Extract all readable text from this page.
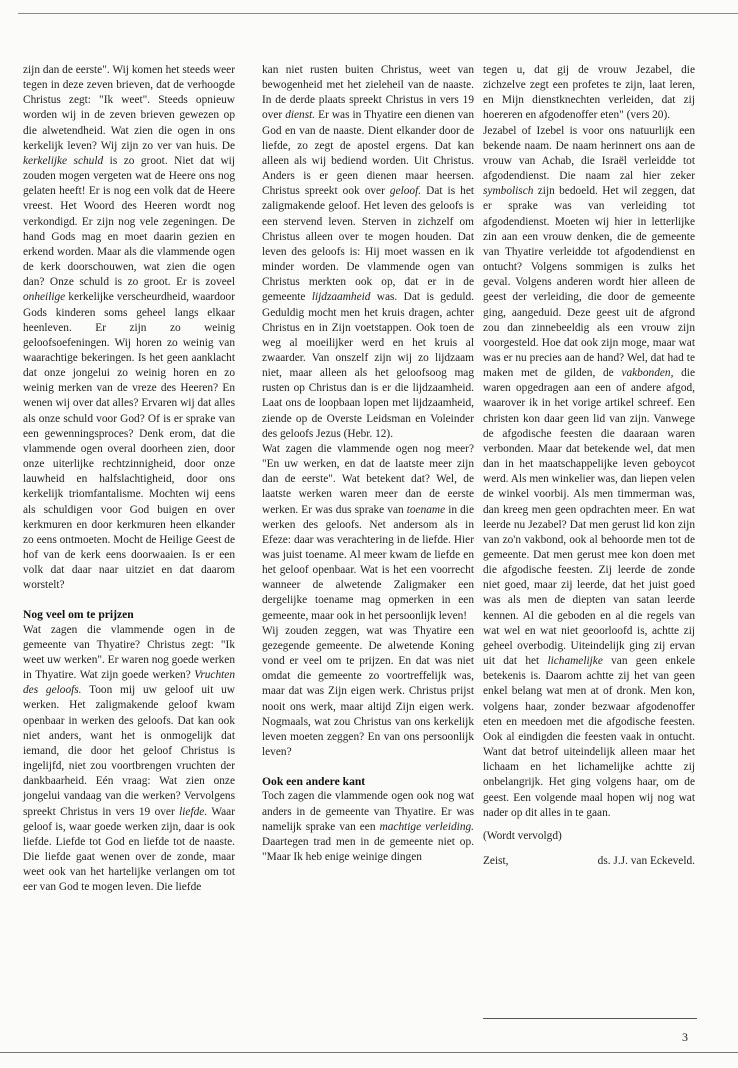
zijn dan de eerste". Wij komen het steeds weer tegen in deze zeven brieven, dat de verhoogde Christus zegt: "Ik weet". Steeds opnieuw worden wij in de zeven brieven gewezen op die alwetendheid. Wat zien die ogen in ons kerkelijk leven? Wij zijn zo ver van huis. De kerkelijke schuld is zo groot. Niet dat wij zouden mogen vergeten wat de Heere ons nog gelaten heeft! Er is nog een volk dat de Heere vreest. Het Woord des Heeren wordt nog verkondigd. Er zijn nog vele zegeningen. De hand Gods mag en moet daarin gezien en erkend worden. Maar als die vlammende ogen de kerk doorschouwen, wat zien die ogen dan? Onze schuld is zo groot. Er is zoveel onheilige kerkelijke verscheurdheid, waardoor Gods kinderen soms geheel langs elkaar heenleven. Er zijn zo weinig geloofsoefeningen. Wij horen zo weinig van waarachtige bekeringen. Is het geen aanklacht dat onze jongelui zo weinig horen en zo weinig merken van de vreze des Heeren? En wenen wij over dat alles? Ervaren wij dat alles als onze schuld voor God? Of is er sprake van een gewenningsproces? Denk erom, dat die vlammende ogen overal doorheen zien, door onze uiterlijke rechtzinnigheid, door onze lauwheid en halfslachtigheid, door ons kerkelijk triomfantalisme. Mochten wij eens als schuldigen voor God buigen en over kerkmuren en door kerkmuren heen elkander zo eens ontmoeten. Mocht de Heilige Geest de hof van de kerk eens doorwaaien. Is er een volk dat daar naar uitziet en dat daarom worstelt?

Nog veel om te prijzen

Wat zagen die vlammende ogen in de gemeente van Thyatire? Christus zegt: "Ik weet uw werken". Er waren nog goede werken in Thyatire. Wat zijn goede werken? Vruchten des geloofs. Toon mij uw geloof uit uw werken. Het zaligmakende geloof kwam openbaar in werken des geloofs. Dat kan ook niet anders, want het is onmogelijk dat iemand, die door het geloof Christus is ingelijfd, niet zou voortbrengen vruchten der dankbaarheid. Eén vraag: Wat zien onze jongelui vandaag van die werken? Vervolgens spreekt Christus in vers 19 over liefde. Waar geloof is, waar goede werken zijn, daar is ook liefde. Liefde tot God en liefde tot de naaste. Die liefde gaat wenen over de zonde, maar weet ook van het hartelijke verlangen om tot eer van God te mogen leven. Die liefde

kan niet rusten buiten Christus, weet van bewogenheid met het zieleheil van de naaste. In de derde plaats spreekt Christus in vers 19 over dienst. Er was in Thyatire een dienen van God en van de naaste. Dient elkander door de liefde, zo zegt de apostel ergens. Dat kan alleen als wij bediend worden. Uit Christus. Anders is er geen dienen maar heersen. Christus spreekt ook over geloof. Dat is het zaligmakende geloof. Het leven des geloofs is een stervend leven. Sterven in zichzelf om Christus alleen over te mogen houden. Dat leven des geloofs is: Hij moet wassen en ik minder worden. De vlammende ogen van Christus merkten ook op, dat er in de gemeente lijdzaamheid was. Dat is geduld. Geduldig mocht men het kruis dragen, achter Christus en in Zijn voetstappen. Ook toen de weg al moeilijker werd en het kruis al zwaarder. Van onszelf zijn wij zo lijdzaam niet, maar alleen als het geloofsoog mag rusten op Christus dan is er die lijdzaamheid. Laat ons de loopbaan lopen met lijdzaamheid, ziende op de Overste Leidsman en Voleinder des geloofs Jezus (Hebr. 12).

Wat zagen die vlammende ogen nog meer? "En uw werken, en dat de laatste meer zijn dan de eerste". Wat betekent dat? Wel, de laatste werken waren meer dan de eerste werken. Er was dus sprake van toename in die werken des geloofs. Net andersom als in Efeze: daar was verachtering in de liefde. Hier was juist toename. Al meer kwam de liefde en het geloof openbaar. Wat is het een voorrecht wanneer de alwetende Zaligmaker een dergelijke toename mag opmerken in een gemeente, maar ook in het persoonlijk leven!

Wij zouden zeggen, wat was Thyatire een gezegende gemeente. De alwetende Koning vond er veel om te prijzen. En dat was niet omdat die gemeente zo voortreffelijk was, maar dat was Zijn eigen werk. Christus prijst nooit ons werk, maar altijd Zijn eigen werk. Nogmaals, wat zou Christus van ons kerkelijk leven moeten zeggen? En van ons persoonlijk leven?

Ook een andere kant

Toch zagen die vlammende ogen ook nog wat anders in de gemeente van Thyatire. Er was namelijk sprake van een machtige verleiding. Daartegen trad men in de gemeente niet op. "Maar Ik heb enige weinige dingen

tegen u, dat gij de vrouw Jezabel, die zichzelve zegt een profetes te zijn, laat leren, en Mijn dienstknechten verleiden, dat zij hoereren en afgodenoffer eten" (vers 20).

Jezabel of Izebel is voor ons natuurlijk een bekende naam. De naam herinnert ons aan de vrouw van Achab, die Israël verleidde tot afgodendienst. Die naam zal hier zeker symbolisch zijn bedoeld. Het wil zeggen, dat er sprake was van verleiding tot afgodendienst. Moeten wij hier in letterlijke zin aan een vrouw denken, die de gemeente van Thyatire verleidde tot afgodendienst en ontucht? Volgens sommigen is zulks het geval. Volgens anderen wordt hier alleen de geest der verleiding, die door de gemeente ging, aangeduid. Deze geest uit de afgrond zou dan zinnebeeldig als een vrouw zijn voorgesteld. Hoe dat ook zijn moge, maar wat was er nu precies aan de hand? Wel, dat had te maken met de gilden, de vakbonden, die waren opgedragen aan een of andere afgod, waarover ik in het vorige artikel schreef. Een christen kon daar geen lid van zijn. Vanwege de afgodische feesten die daaraan waren verbonden. Maar dat betekende wel, dat men dan in het maatschappelijke leven geboycot werd. Als men winkelier was, dan liepen velen de winkel voorbij. Als men timmerman was, dan kreeg men geen opdrachten meer. En wat leerde nu Jezabel? Dat men gerust lid kon zijn van zo'n vakbond, ook al behoorde men tot de gemeente. Dat men gerust mee kon doen met die afgodische feesten. Zij leerde de zonde niet goed, maar zij leerde, dat het juist goed was als men de diepten van satan leerde kennen. Al die geboden en al die regels van wat wel en wat niet geoorloofd is, achtte zij geheel overbodig. Uiteindelijk ging zij ervan uit dat het lichamelijke van geen enkele betekenis is. Daarom achtte zij het van geen enkel belang wat men at of dronk. Men kon, volgens haar, zonder bezwaar afgodenoffer eten en meedoen met die afgodische feesten. Ook al eindigden die feesten vaak in ontucht. Want dat betrof uiteindelijk alleen maar het lichaam en het lichamelijke achtte zij onbelangrijk. Het ging volgens haar, om de geest. Een volgende maal hopen wij nog wat nader op dit alles in te gaan.

(Wordt vervolgd)

Zeist,	ds. J.J. van Eckeveld.
3
